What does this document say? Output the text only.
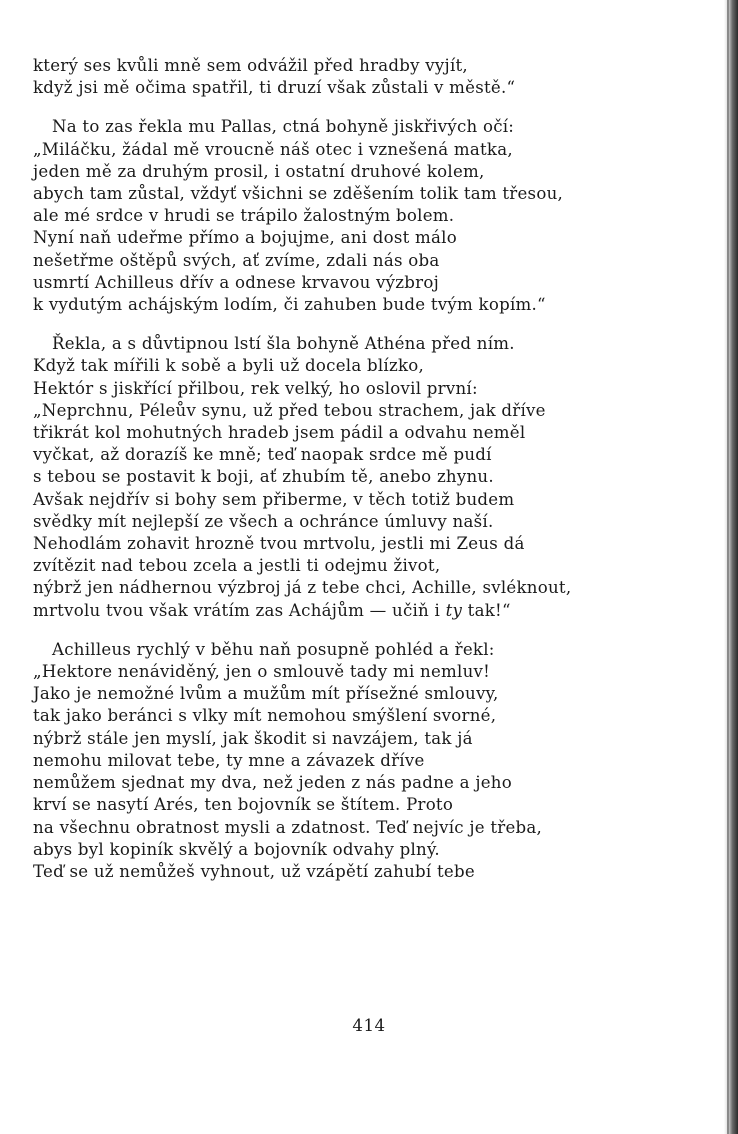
který ses kvůli mně sem odvážil před hradby vyjít,
když jsi mě očima spatřil, ti druzí však zůstali v městě.“
Na to zas řekla mu Pallas, ctná bohyně jiskřivých očí:
„Miláčku, žádal mě vroucně náš otec i vznešená matka,
jeden mě za druhým prosil, i ostatní druhové kolem,
abych tam zůstal, vždyť všichni se zděšením tolik tam třesou,
ale mé srdce v hrudi se trápilo žalostným bolem.
Nyní naň udeřme přímo a bojujme, ani dost málo
nešetřme oštěpů svých, ať zvíme, zdali nás oba
usmrtí Achilleus dřív a odnese krvavou výzbroj
k vydutým achájským lodím, či zahuben bude tvým kopím.“
Řekla, a s důvtipnou lstí šla bohyně Athéna před ním.
Když tak mířili k sobě a byli už docela blízko,
Hektór s jiskřící přilbou, rek velký, ho oslovil první:
„Neprchnu, Péleův synu, už před tebou strachem, jak dříve
třikrát kol mohutných hradeb jsem pádil a odvahu neměl
vyčkat, až dorazíš ke mně; teď naopak srdce mě pudí
s tebou se postavit k boji, ať zhubím tě, anebo zhynu.
Avšak nejdřív si bohy sem přiberme, v těch totiž budem
svědky mít nejlepší ze všech a ochránce úmluvy naší.
Nehodlám zohavit hrozně tvou mrtvolu, jestli mi Zeus dá
zvítězit nad tebou zcela a jestli ti odejmu život,
nýbrž jen nádhernou výzbroj já z tebe chci, Achille, svléknout,
mrtvolu tvou však vrátím zas Achájům — učiň i ty tak!“
Achilleus rychlý v běhu naň posupně pohléd a řekl:
„Hektore nenáviděný, jen o smlouvě tady mi nemluv!
Jako je nemožné lvům a mužům mít přísežné smlouvy,
tak jako beránci s vlky mít nemohou smýšlení svorné,
nýbrž stále jen myslí, jak škodit si navzájem, tak já
nemohu milovat tebe, ty mne a závazek dříve
nemůžem sjednat my dva, než jeden z nás padne a jeho
krví se nasytí Arés, ten bojovník se štítem. Proto
na všechnu obratnost mysli a zdatnost. Teď nejvíc je třeba,
abys byl kopiník skvělý a bojovník odvahy plný.
Teď se už nemůžeš vyhnout, už vzápětí zahubí tebe
414
